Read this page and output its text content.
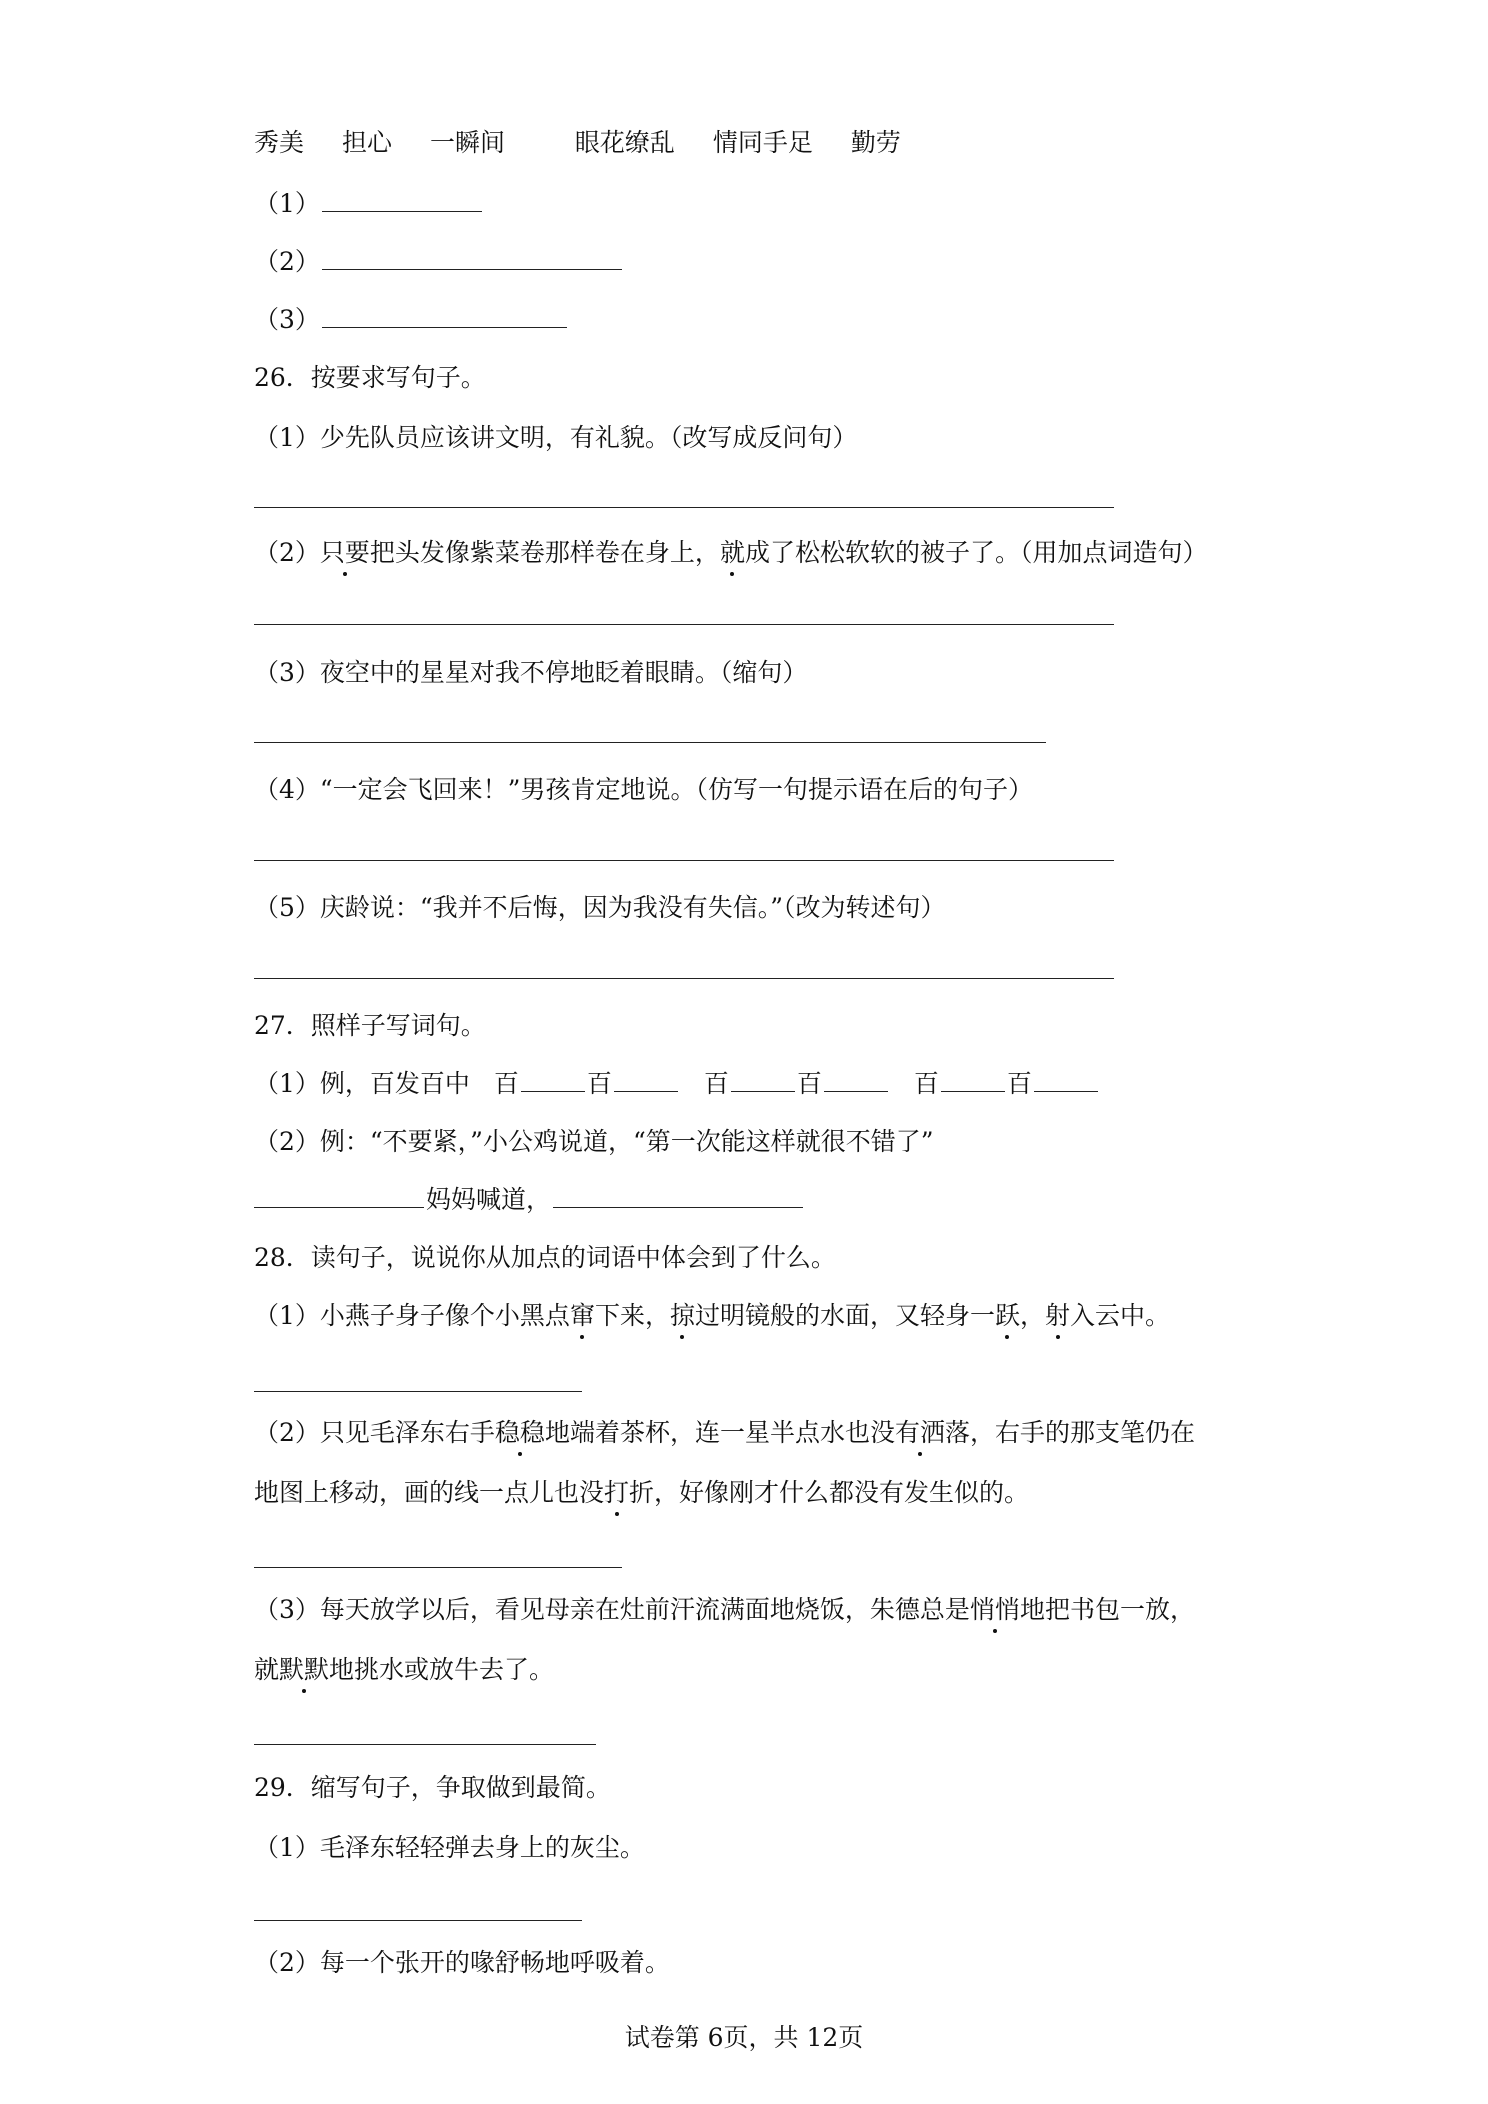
秀美 担心 一瞬间	眼花缭乱 情同手足 勤劳
（1）
（2）
（3）
26．按要求写句子。
（1）少先队员应该讲文明，有礼貌。（改写成反问句）
（2）只要把头发像紫菜卷那样卷在身上，就成了松松软软的被子了。（用加点词造句）
（3）夜空中的星星对我不停地眨着眼睛。（缩句）
（4）“一定会飞回来！”男孩肯定地说。（仿写一句提示语在后的句子）
（5）庆龄说：“我并不后悔，因为我没有失信。”（改为转述句）
27．照样子写词句。
（1）例，百发百中 百	百	百	百	百	百
（2）例：“不要紧，”小公鸡说道，“第一次能这样就很不错了”
妈妈喊道，
28．读句子，说说你从加点的词语中体会到了什么。
（1）小燕子身子像个小黑点窜下来，掠过明镜般的水面，又轻身一跃，射入云中。
（2）只见毛泽东右手稳稳地端着茶杯，连一星半点水也没有洒落，右手的那支笔仍在
地图上移动，画的线一点儿也没打折，好像刚才什么都没有发生似的。
（3）每天放学以后，看见母亲在灶前汗流满面地烧饭，朱德总是悄悄地把书包一放，
就默默地挑水或放牛去了。
29．缩写句子，争取做到最简。
（1）毛泽东轻轻弹去身上的灰尘。
（2）每一个张开的喙舒畅地呼吸着。
试卷第 6页，共 12页
